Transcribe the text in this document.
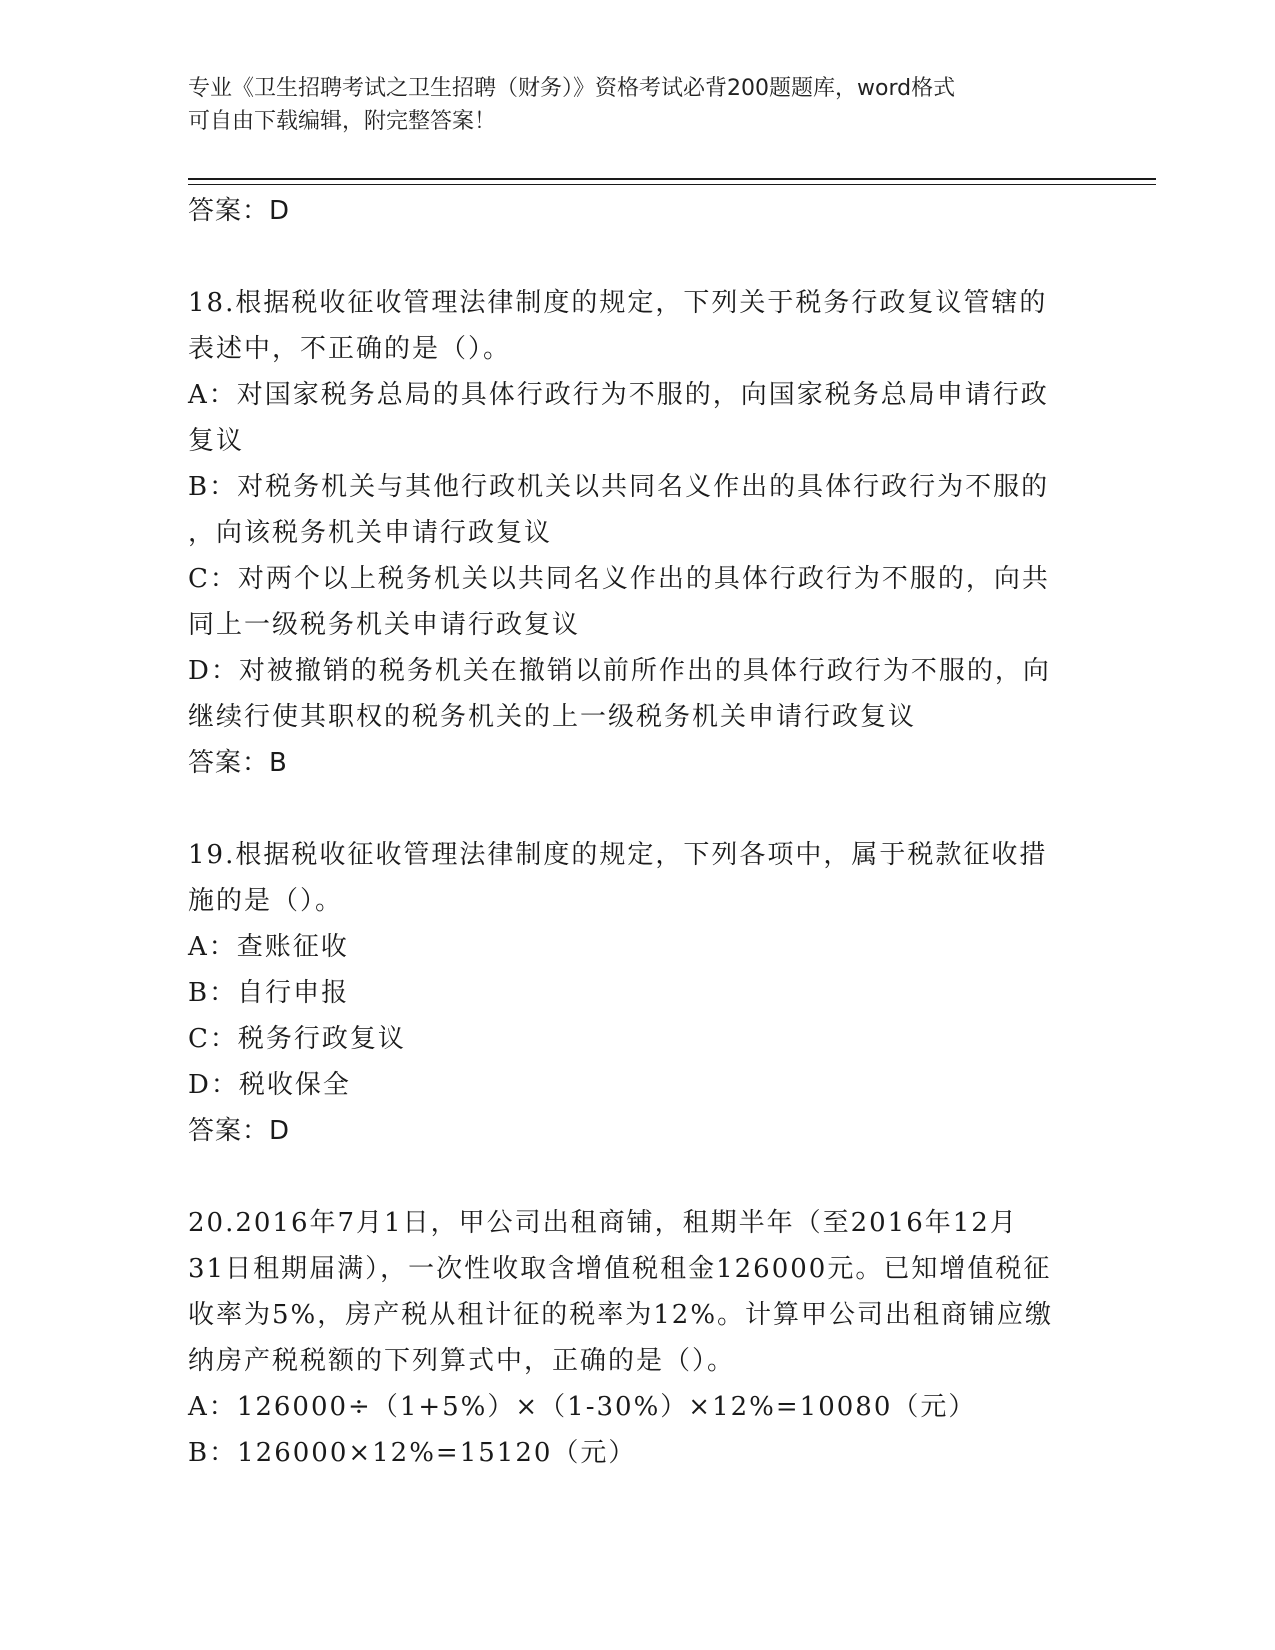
专业《卫生招聘考试之卫生招聘（财务）》资格考试必背200题题库，word格式
可自由下载编辑，附完整答案！
答案：D
18.根据税收征收管理法律制度的规定，下列关于税务行政复议管辖的
表述中，不正确的是（）。
A：对国家税务总局的具体行政行为不服的，向国家税务总局申请行政
复议
B：对税务机关与其他行政机关以共同名义作出的具体行政行为不服的
，向该税务机关申请行政复议
C：对两个以上税务机关以共同名义作出的具体行政行为不服的，向共
同上一级税务机关申请行政复议
D：对被撤销的税务机关在撤销以前所作出的具体行政行为不服的，向
继续行使其职权的税务机关的上一级税务机关申请行政复议
答案：B
19.根据税收征收管理法律制度的规定，下列各项中，属于税款征收措
施的是（）。
A：查账征收
B：自行申报
C：税务行政复议
D：税收保全
答案：D
20.2016年7月1日，甲公司出租商铺，租期半年（至2016年12月
31日租期届满），一次性收取含增值税租金126000元。已知增值税征
收率为5%，房产税从租计征的税率为12%。计算甲公司出租商铺应缴
纳房产税税额的下列算式中，正确的是（）。
A：126000÷（1+5%）×（1-30%）×12%=10080（元）
B：126000×12%=15120（元）
